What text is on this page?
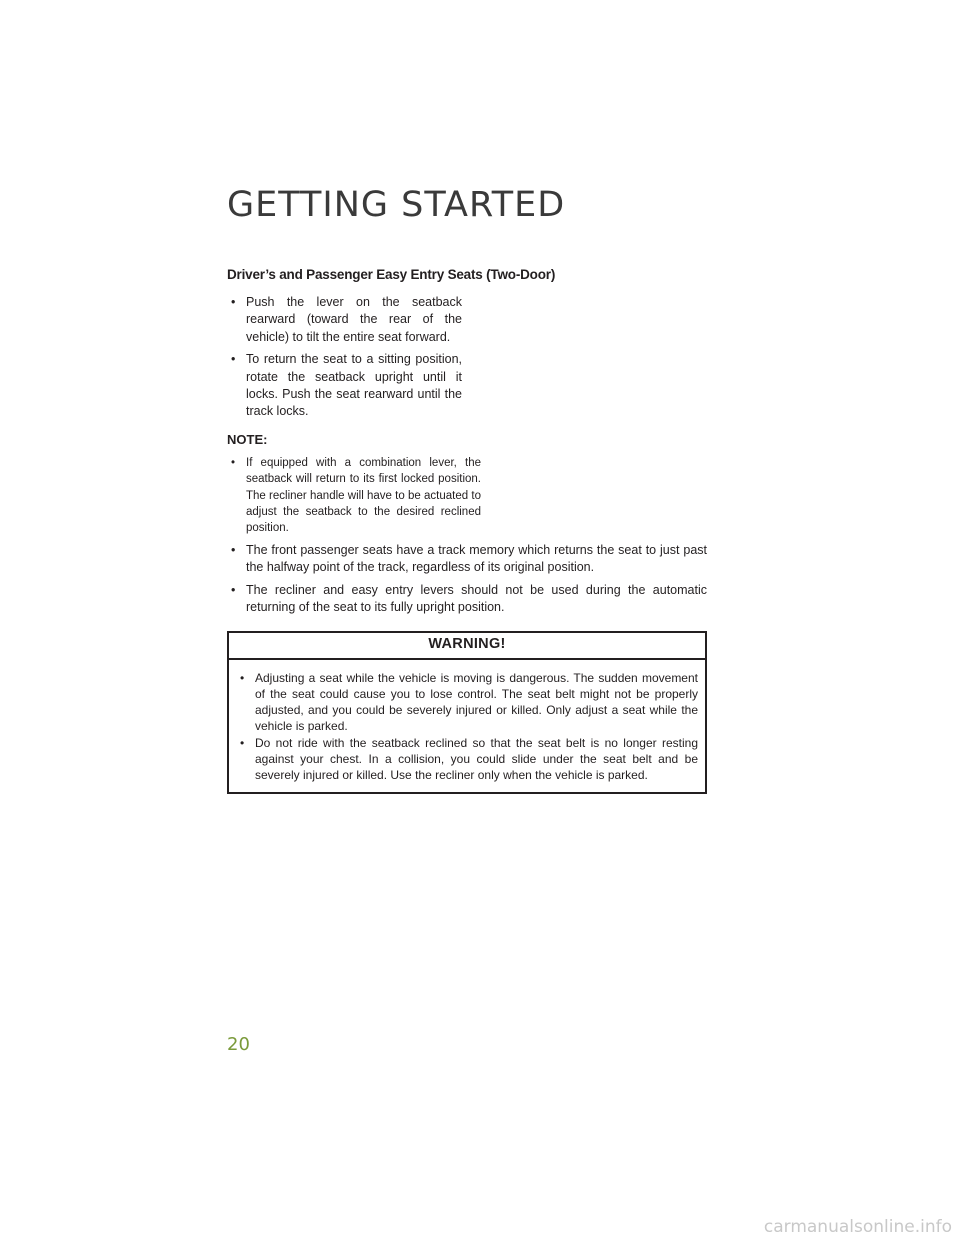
GETTING STARTED
Driver’s and Passenger Easy Entry Seats (Two-Door)
• Push the lever on the seatback rearward (toward the rear of the vehicle) to tilt the entire seat forward.
• To return the seat to a sitting position, rotate the seatback upright until it locks. Push the seat rearward until the track locks.
NOTE:
• If equipped with a combination lever, the seatback will return to its first locked position. The recliner handle will have to be actuated to adjust the seatback to the desired reclined position.
• The front passenger seats have a track memory which returns the seat to just past the halfway point of the track, regardless of its original position.
• The recliner and easy entry levers should not be used during the automatic returning of the seat to its fully upright position.
WARNING!
• Adjusting a seat while the vehicle is moving is dangerous. The sudden movement of the seat could cause you to lose control. The seat belt might not be properly adjusted, and you could be severely injured or killed. Only adjust a seat while the vehicle is parked.
• Do not ride with the seatback reclined so that the seat belt is no longer resting against your chest. In a collision, you could slide under the seat belt and be severely injured or killed. Use the recliner only when the vehicle is parked.
20
carmanualsonline.info
